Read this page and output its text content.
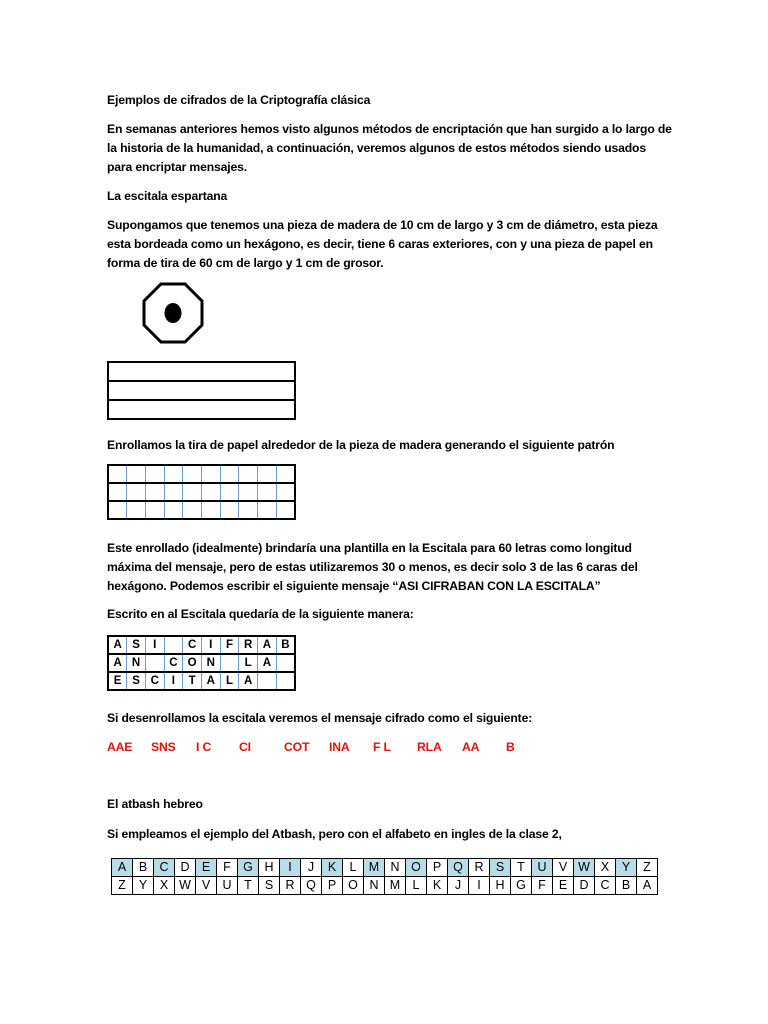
Ejemplos de cifrados de la Criptografía clásica

En semanas anteriores hemos visto algunos métodos de encriptación que han surgido a lo largo de

la historia de la humanidad, a continuación, veremos algunos de estos métodos siendo usados

para encriptar mensajes.

La escitala espartana

Supongamos que tenemos una pieza de madera de 10 cm de largo y 3 cm de diámetro, esta pieza

esta bordeada como un hexágono, es decir, tiene 6 caras exteriores, con y una pieza de papel en

forma de tira de 60 cm de largo y 1 cm de grosor.

Enrollamos la tira de papel alrededor de la pieza de madera generando el siguiente patrón

Este enrollado (idealmente) brindaría una plantilla en la Escitala para 60 letras como longitud

máxima del mensaje, pero de estas utilizaremos 30 o menos, es decir solo 3 de las 6 caras del

hexágono. Podemos escribir el siguiente mensaje “ASI CIFRABAN CON LA ESCITALA”

Escrito en al Escitala quedaría de la siguiente manera:

A	S	I		C	I	F	R	A	B
A	N		C	O	N		L	A	
E	S	C	I	T	A	L	A		

Si desenrollamos la escitala veremos el mensaje cifrado como el siguiente:

AAE SNS I C CI	COT INA F L RLA AA B

El atbash hebreo

Si empleamos el ejemplo del Atbash, pero con el alfabeto en ingles de la clase 2,

A	B	C	D	E	F	G	H	I	J	K	L	M	N	O	P	Q	R	S	T	U	V	W	X	Y	Z
Z	Y	X	W	V	U	T	S	R	Q	P	O	N	M	L	K	J	I	H	G	F	E	D	C	B	A
